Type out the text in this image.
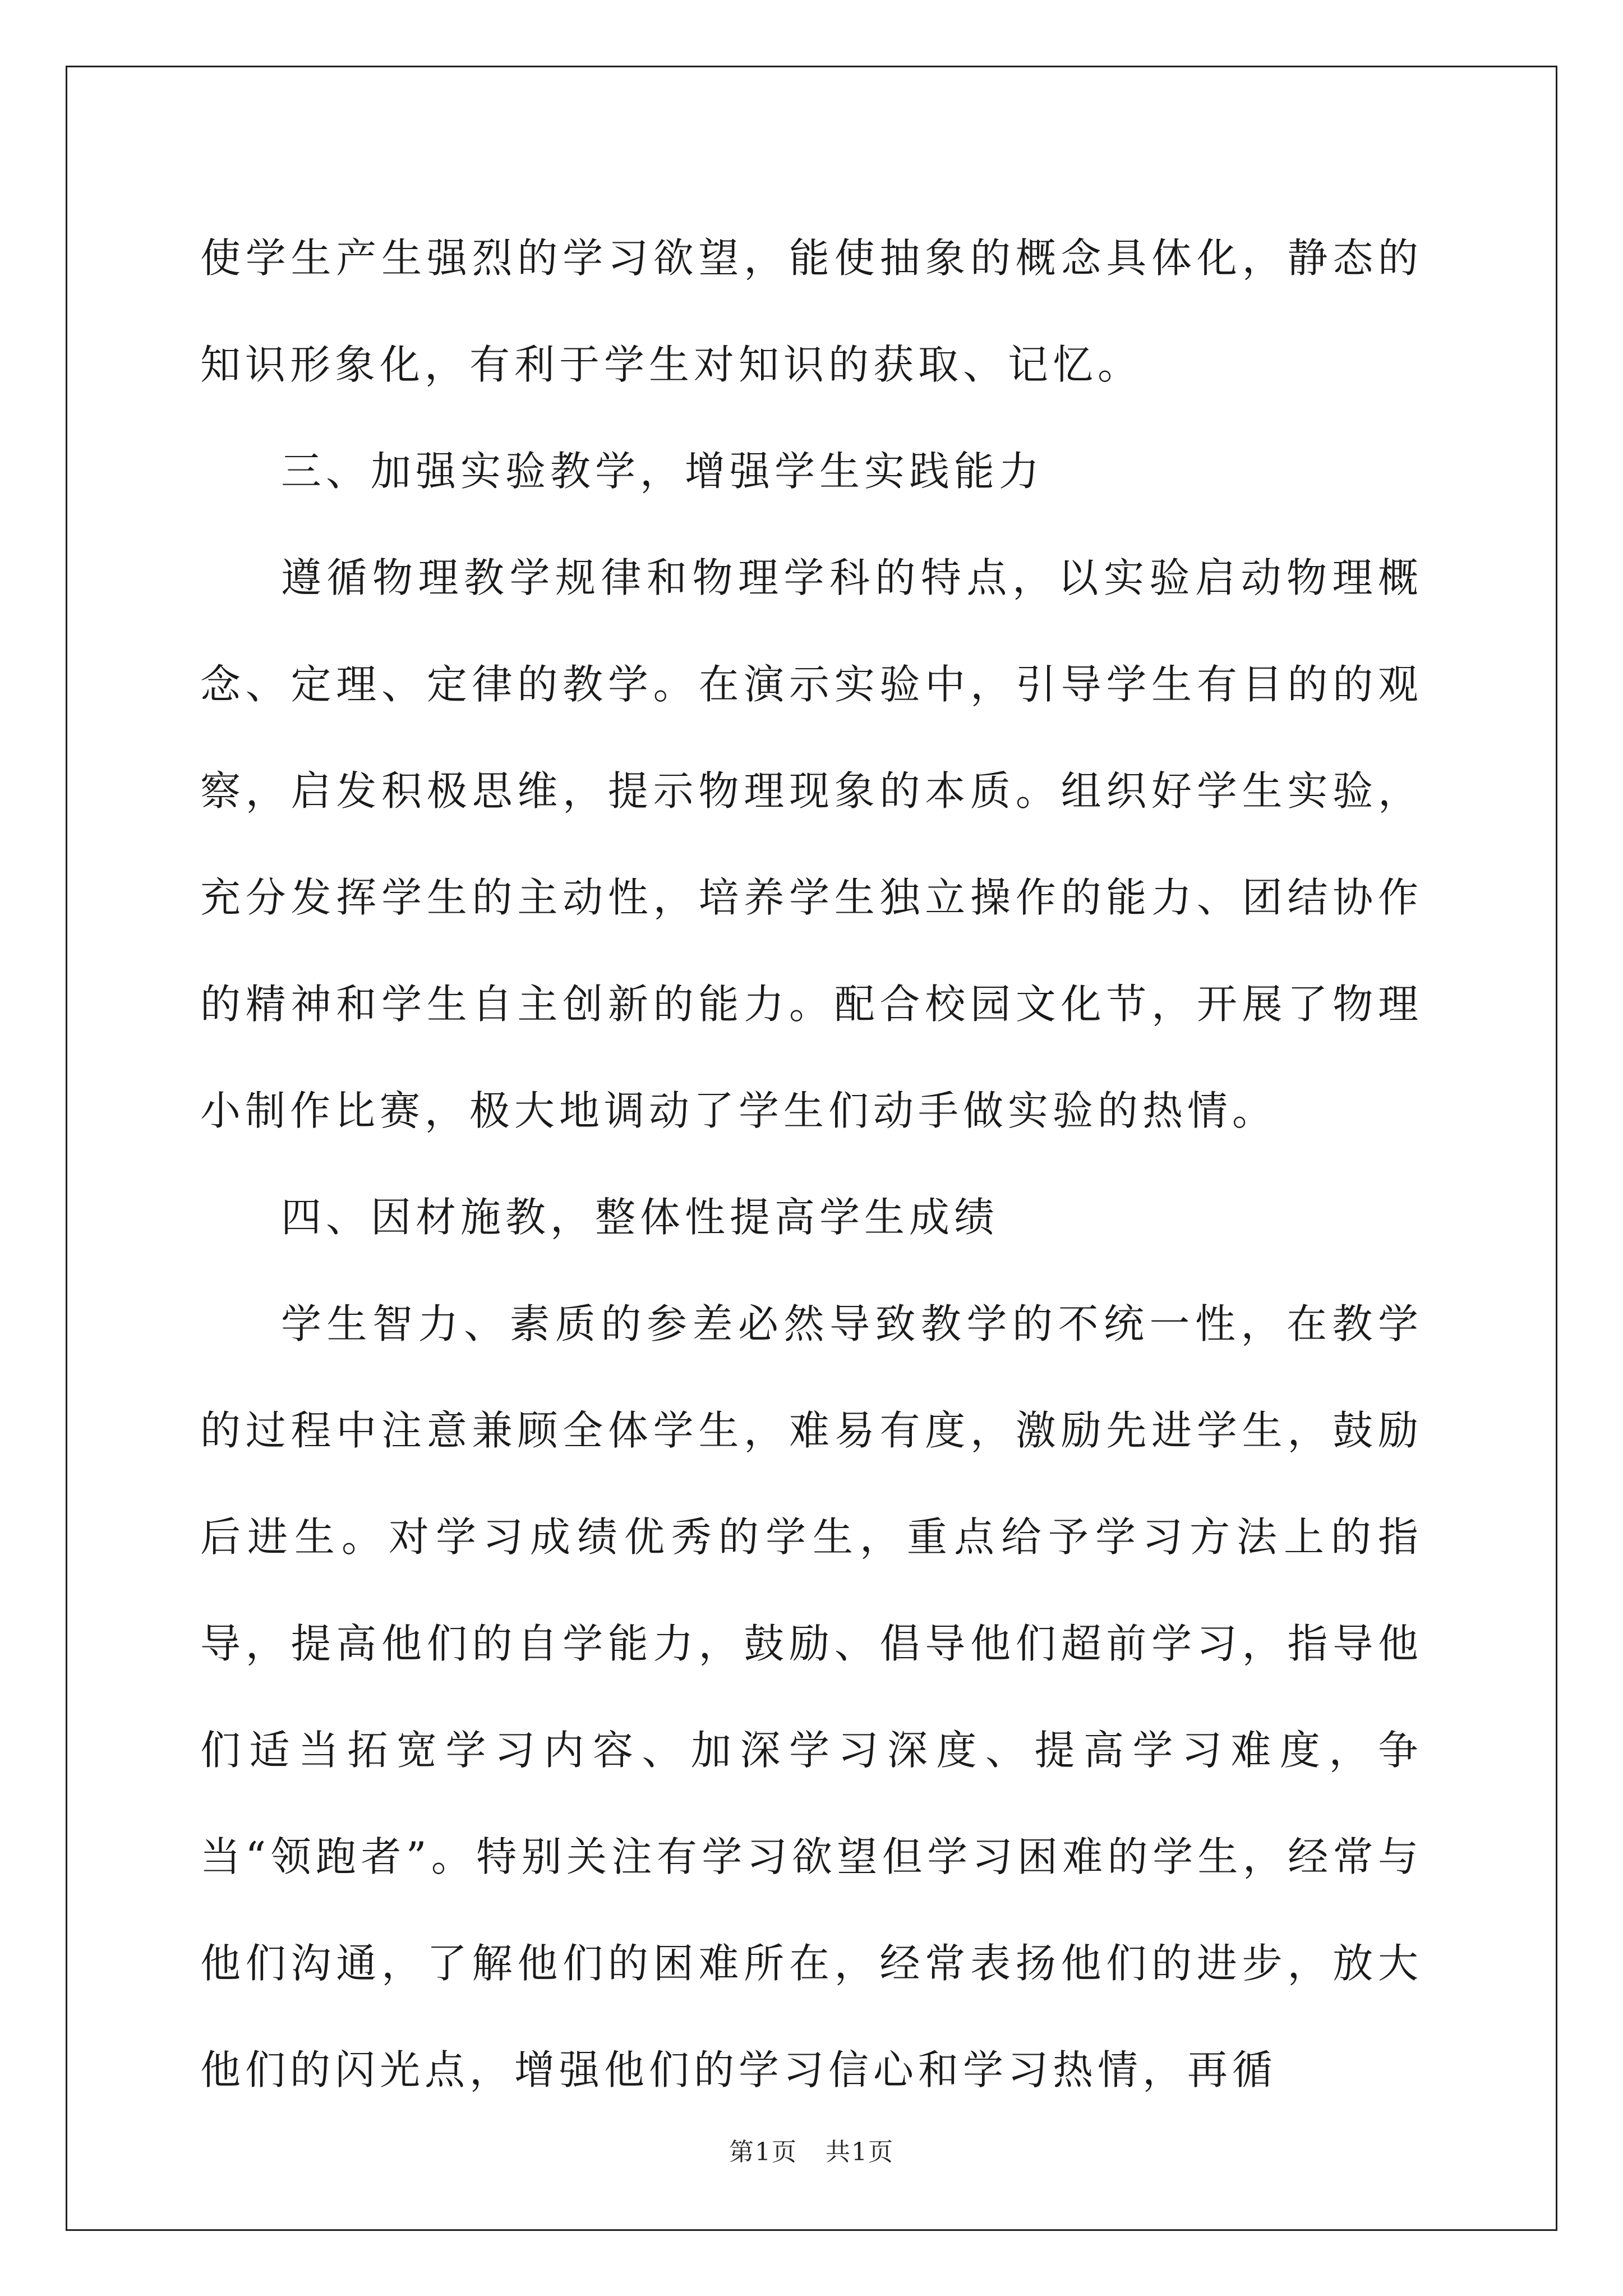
使学生产生强烈的学习欲望，能使抽象的概念具体化，静态的知识形象化，有利于学生对知识的获取、记忆。

三、加强实验教学，增强学生实践能力

遵循物理教学规律和物理学科的特点，以实验启动物理概念、定理、定律的教学。在演示实验中，引导学生有目的的观察，启发积极思维，提示物理现象的本质。组织好学生实验，充分发挥学生的主动性，培养学生独立操作的能力、团结协作的精神和学生自主创新的能力。配合校园文化节，开展了物理小制作比赛，极大地调动了学生们动手做实验的热情。

四、因材施教，整体性提高学生成绩

学生智力、素质的参差必然导致教学的不统一性，在教学的过程中注意兼顾全体学生，难易有度，激励先进学生，鼓励后进生。对学习成绩优秀的学生，重点给予学习方法上的指导，提高他们的自学能力，鼓励、倡导他们超前学习，指导他们适当拓宽学习内容、加深学习深度、提高学习难度，争当“领跑者”。特别关注有学习欲望但学习困难的学生，经常与他们沟通，了解他们的困难所在，经常表扬他们的进步，放大他们的闪光点，增强他们的学习信心和学习热情，再循

第1页 共1页
